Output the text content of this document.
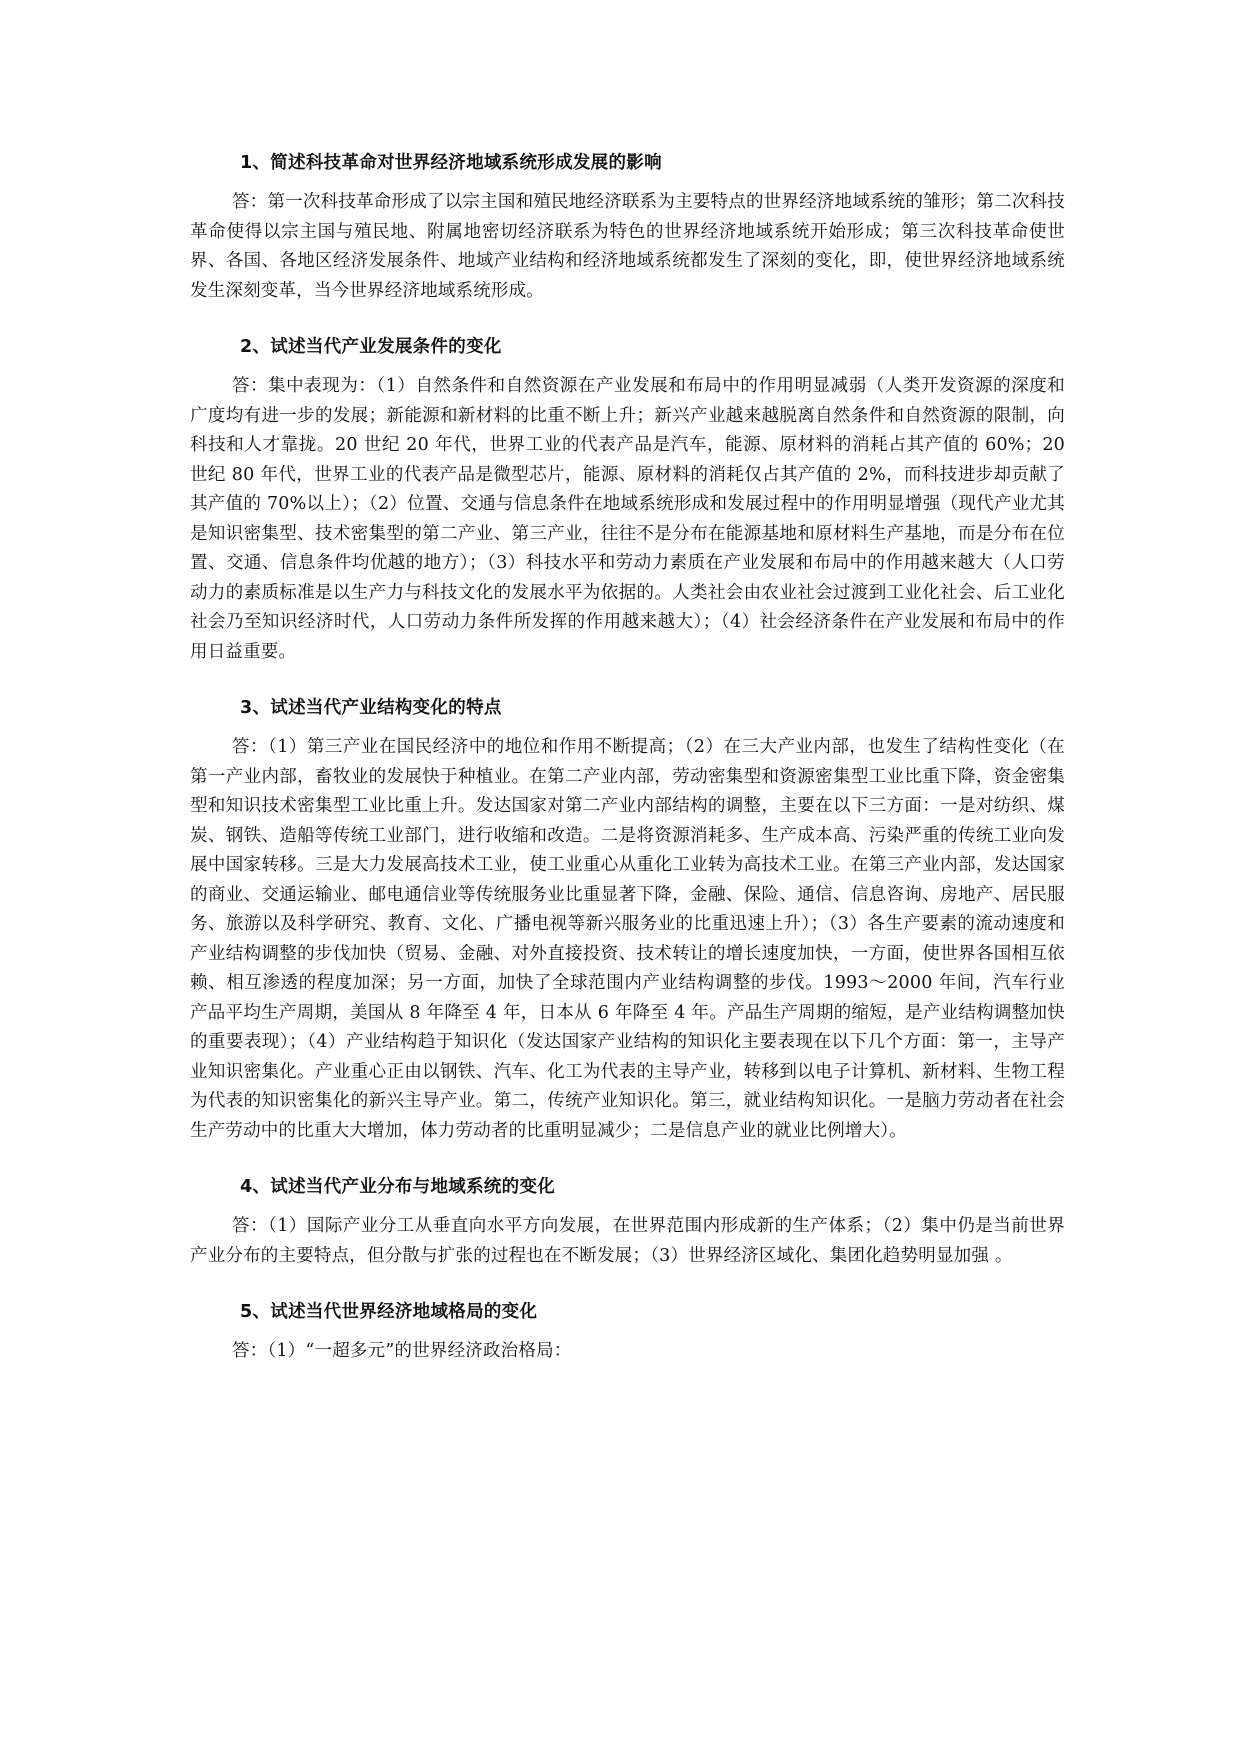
1、简述科技革命对世界经济地域系统形成发展的影响
答：第一次科技革命形成了以宗主国和殖民地经济联系为主要特点的世界经济地域系统的雏形；第二次科技革命使得以宗主国与殖民地、附属地密切经济联系为特色的世界经济地域系统开始形成；第三次科技革命使世界、各国、各地区经济发展条件、地域产业结构和经济地域系统都发生了深刻的变化，即，使世界经济地域系统发生深刻变革，当今世界经济地域系统形成。
2、试述当代产业发展条件的变化
答：集中表现为：（1）自然条件和自然资源在产业发展和布局中的作用明显减弱（人类开发资源的深度和广度均有进一步的发展；新能源和新材料的比重不断上升；新兴产业越来越脱离自然条件和自然资源的限制，向科技和人才靠拢。20 世纪 20 年代，世界工业的代表产品是汽车，能源、原材料的消耗占其产值的 60%；20 世纪 80 年代，世界工业的代表产品是微型芯片，能源、原材料的消耗仅占其产值的 2%，而科技进步却贡献了其产值的 70%以上）；（2）位置、交通与信息条件在地域系统形成和发展过程中的作用明显增强（现代产业尤其是知识密集型、技术密集型的第二产业、第三产业，往往不是分布在能源基地和原材料生产基地，而是分布在位置、交通、信息条件均优越的地方）；（3）科技水平和劳动力素质在产业发展和布局中的作用越来越大（人口劳动力的素质标准是以生产力与科技文化的发展水平为依据的。人类社会由农业社会过渡到工业化社会、后工业化社会乃至知识经济时代，人口劳动力条件所发挥的作用越来越大）；（4）社会经济条件在产业发展和布局中的作用日益重要。
3、试述当代产业结构变化的特点
答：（1）第三产业在国民经济中的地位和作用不断提高；（2）在三大产业内部，也发生了结构性变化（在第一产业内部，畜牧业的发展快于种植业。在第二产业内部，劳动密集型和资源密集型工业比重下降，资金密集型和知识技术密集型工业比重上升。发达国家对第二产业内部结构的调整，主要在以下三方面：一是对纺织、煤炭、钢铁、造船等传统工业部门，进行收缩和改造。二是将资源消耗多、生产成本高、污染严重的传统工业向发展中国家转移。三是大力发展高技术工业，使工业重心从重化工业转为高技术工业。在第三产业内部，发达国家的商业、交通运输业、邮电通信业等传统服务业比重显著下降，金融、保险、通信、信息咨询、房地产、居民服务、旅游以及科学研究、教育、文化、广播电视等新兴服务业的比重迅速上升）；（3）各生产要素的流动速度和产业结构调整的步伐加快（贸易、金融、对外直接投资、技术转让的增长速度加快，一方面，使世界各国相互依赖、相互渗透的程度加深；另一方面，加快了全球范围内产业结构调整的步伐。1993～2000 年间，汽车行业产品平均生产周期，美国从 8 年降至 4 年，日本从 6 年降至 4 年。产品生产周期的缩短，是产业结构调整加快的重要表现）；（4）产业结构趋于知识化（发达国家产业结构的知识化主要表现在以下几个方面：第一，主导产业知识密集化。产业重心正由以钢铁、汽车、化工为代表的主导产业，转移到以电子计算机、新材料、生物工程为代表的知识密集化的新兴主导产业。第二，传统产业知识化。第三，就业结构知识化。一是脑力劳动者在社会生产劳动中的比重大大增加，体力劳动者的比重明显减少；二是信息产业的就业比例增大）。
4、试述当代产业分布与地域系统的变化
答：（1）国际产业分工从垂直向水平方向发展，在世界范围内形成新的生产体系；（2）集中仍是当前世界产业分布的主要特点，但分散与扩张的过程也在不断发展；（3）世界经济区域化、集团化趋势明显加强 。
5、试述当代世界经济地域格局的变化
答：（1）“一超多元”的世界经济政治格局：
